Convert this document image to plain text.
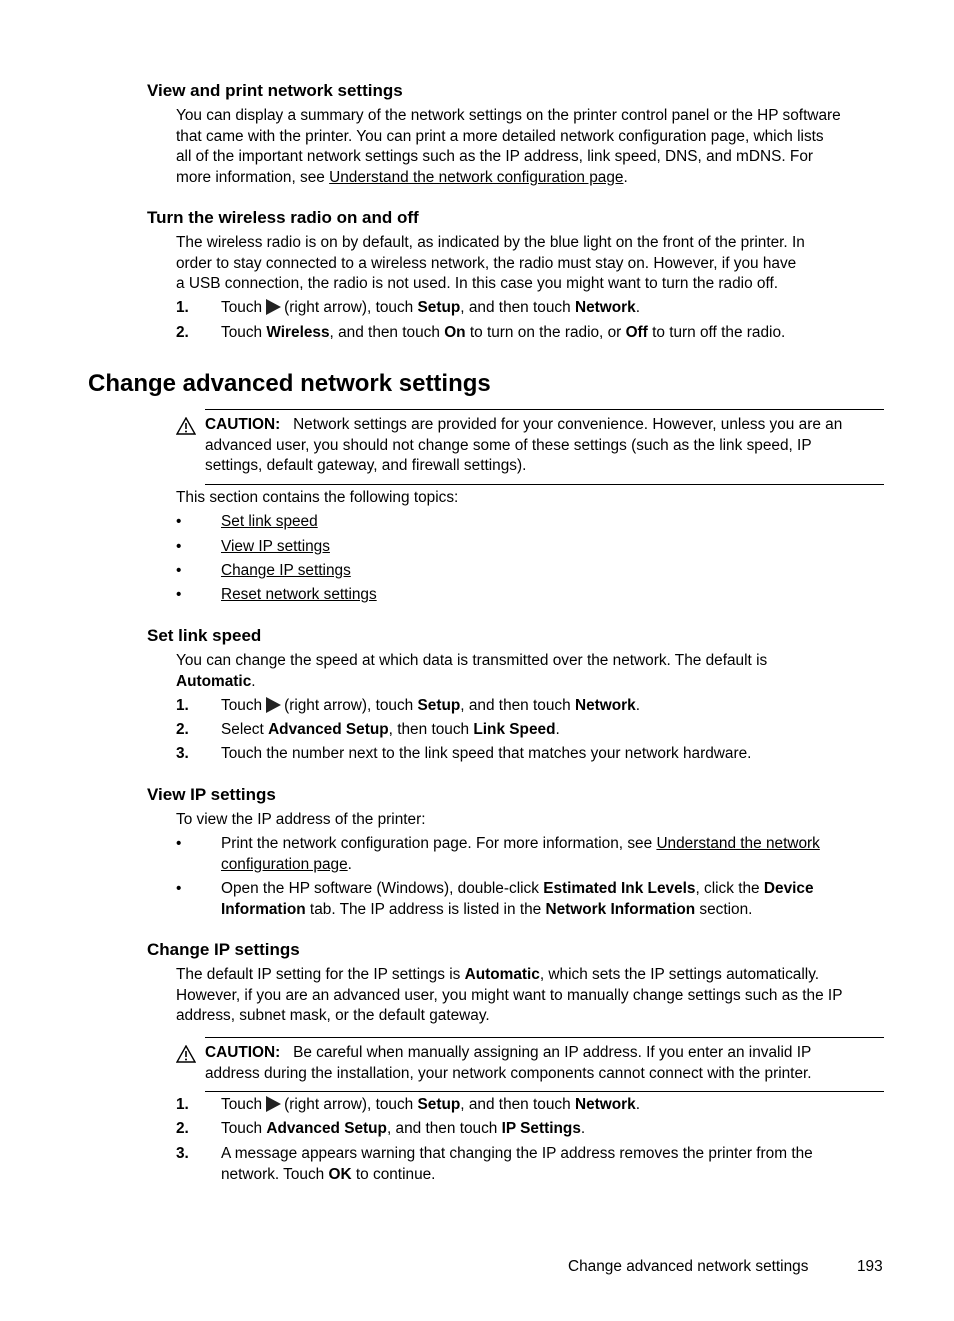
View and print network settings
You can display a summary of the network settings on the printer control panel or the HP software
that came with the printer. You can print a more detailed network configuration page, which lists
all of the important network settings such as the IP address, link speed, DNS, and mDNS. For
more information, see Understand the network configuration page.
Turn the wireless radio on and off
The wireless radio is on by default, as indicated by the blue light on the front of the printer. In
order to stay connected to a wireless network, the radio must stay on. However, if you have
a USB connection, the radio is not used. In this case you might want to turn the radio off.
1. Touch (right arrow), touch Setup, and then touch Network.
2. Touch Wireless, and then touch On to turn on the radio, or Off to turn off the radio.
Change advanced network settings
CAUTION: Network settings are provided for your convenience. However, unless you are an
advanced user, you should not change some of these settings (such as the link speed, IP
settings, default gateway, and firewall settings).
This section contains the following topics:
•	Set link speed
•	View IP settings
•	Change IP settings
•	Reset network settings
Set link speed
You can change the speed at which data is transmitted over the network. The default is
Automatic.
1. Touch (right arrow), touch Setup, and then touch Network.
2. Select Advanced Setup, then touch Link Speed.
3. Touch the number next to the link speed that matches your network hardware.
View IP settings
To view the IP address of the printer:
•	Print the network configuration page. For more information, see Understand the network
configuration page.
•	Open the HP software (Windows), double-click Estimated Ink Levels, click the Device
Information tab. The IP address is listed in the Network Information section.
Change IP settings
The default IP setting for the IP settings is Automatic, which sets the IP settings automatically.
However, if you are an advanced user, you might want to manually change settings such as the IP
address, subnet mask, or the default gateway.
CAUTION: Be careful when manually assigning an IP address. If you enter an invalid IP
address during the installation, your network components cannot connect with the printer.
1. Touch (right arrow), touch Setup, and then touch Network.
2. Touch Advanced Setup, and then touch IP Settings.
3. A message appears warning that changing the IP address removes the printer from the
network. Touch OK to continue.
Change advanced network settings	193
